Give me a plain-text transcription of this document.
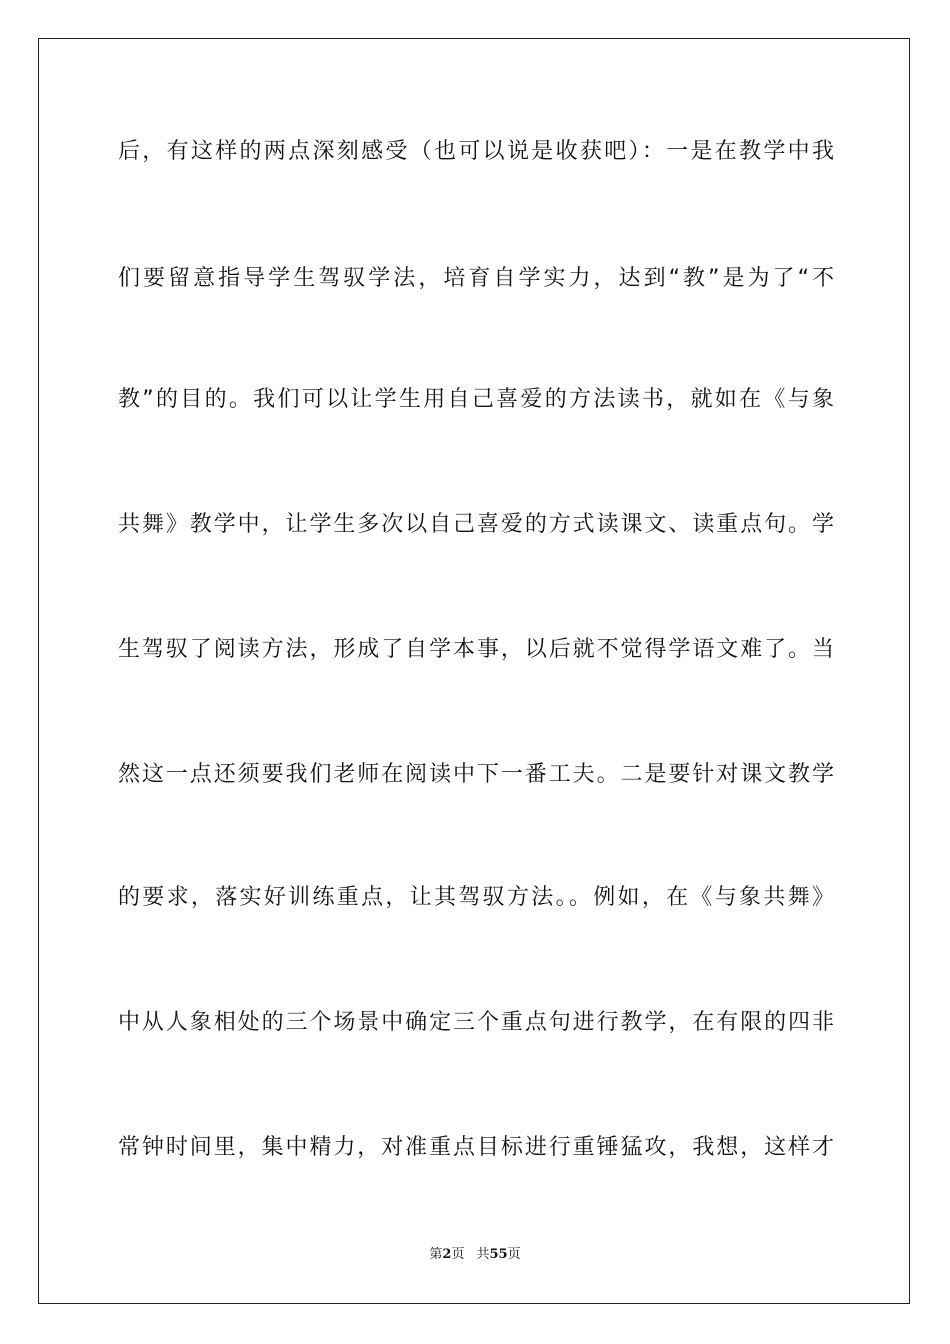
后，有这样的两点深刻感受（也可以说是收获吧）：一是在教学中我
们要留意指导学生驾驭学法，培育自学实力，达到“教”是为了“不
教”的目的。我们可以让学生用自己喜爱的方法读书，就如在《与象
共舞》教学中，让学生多次以自己喜爱的方式读课文、读重点句。学
生驾驭了阅读方法，形成了自学本事，以后就不觉得学语文难了。当
然这一点还须要我们老师在阅读中下一番工夫。二是要针对课文教学
的要求，落实好训练重点，让其驾驭方法。。例如，在《与象共舞》
中从人象相处的三个场景中确定三个重点句进行教学，在有限的四非
常钟时间里，集中精力，对准重点目标进行重锤猛攻，我想，这样才
第2页 共55页
